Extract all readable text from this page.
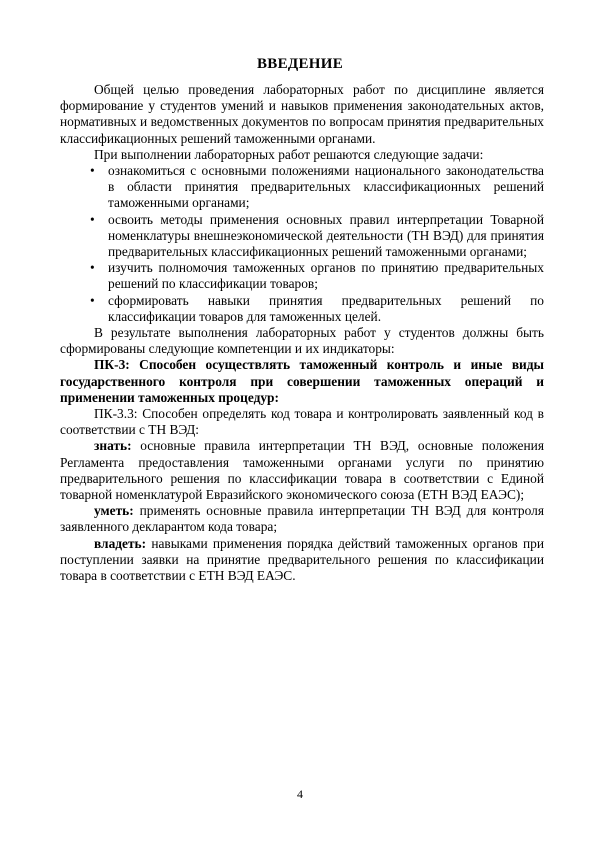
ВВЕДЕНИЕ

Общей целью проведения лабораторных работ по дисциплине является формирование у студентов умений и навыков применения законодательных актов, нормативных и ведомственных документов по вопросам принятия предварительных классификационных решений таможенными органами.

При выполнении лабораторных работ решаются следующие задачи:

• ознакомиться с основными положениями национального законодательства в области принятия предварительных классификационных решений таможенными органами;
• освоить методы применения основных правил интерпретации Товарной номенклатуры внешнеэкономической деятельности (ТН ВЭД) для принятия предварительных классификационных решений таможенными органами;
• изучить полномочия таможенных органов по принятию предварительных решений по классификации товаров;
• сформировать навыки принятия предварительных решений по классификации товаров для таможенных целей.

В результате выполнения лабораторных работ у студентов должны быть сформированы следующие компетенции и их индикаторы:

ПК-3: Способен осуществлять таможенный контроль и иные виды государственного контроля при совершении таможенных операций и применении таможенных процедур:

ПК-3.3: Способен определять код товара и контролировать заявленный код в соответствии с ТН ВЭД:

знать: основные правила интерпретации ТН ВЭД, основные положения Регламента предоставления таможенными органами услуги по принятию предварительного решения по классификации товара в соответствии с Единой товарной номенклатурой Евразийского экономического союза (ЕТН ВЭД ЕАЭС);

уметь: применять основные правила интерпретации ТН ВЭД для контроля заявленного декларантом кода товара;

владеть: навыками применения порядка действий таможенных органов при поступлении заявки на принятие предварительного решения по классификации товара в соответствии с ЕТН ВЭД ЕАЭС.

4
